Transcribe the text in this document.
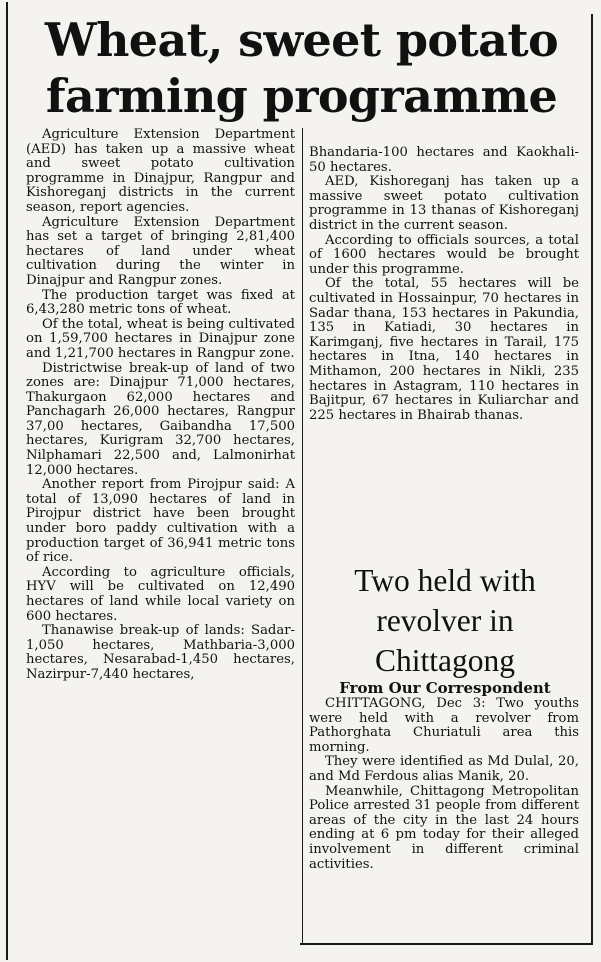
Wheat, sweet potato farming programme

Agriculture Extension Department (AED) has taken up a massive wheat and sweet potato cultivation programme in Dinajpur, Rangpur and Kishoreganj districts in the current season, report agencies.

Agriculture Extension Department has set a target of bringing 2,81,400 hectares of land under wheat cultivation during the winter in Dinajpur and Rangpur zones.

The production target was fixed at 6,43,280 metric tons of wheat.

Of the total, wheat is being cultivated on 1,59,700 hectares in Dinajpur zone and 1,21,700 hectares in Rangpur zone.

Districtwise break-up of land of two zones are: Dinajpur 71,000 hectares, Thakurgaon 62,000 hectares and Panchagarh 26,000 hectares, Rangpur 37,00 hectares, Gaibandha 17,500 hectares, Kurigram 32,700 hectares, Nilphamari 22,500 and, Lalmonirhat 12,000 hectares.

Another report from Pirojpur said: A total of 13,090 hectares of land in Pirojpur district have been brought under boro paddy cultivation with a production target of 36,941 metric tons of rice.

According to agriculture officials, HYV will be cultivated on 12,490 hectares of land while local variety on 600 hectares.

Thanawise break-up of lands: Sadar-1,050 hectares, Mathbaria-3,000 hectares, Nesarabad-1,450 hectares, Nazirpur-7,440 hectares,

Bhandaria-100 hectares and Kaokhali-50 hectares.

AED, Kishoreganj has taken up a massive sweet potato cultivation programme in 13 thanas of Kishoreganj district in the current season.

According to officials sources, a total of 1600 hectares would be brought under this programme.

Of the total, 55 hectares will be cultivated in Hossainpur, 70 hectares in Sadar thana, 153 hectares in Pakundia, 135 in Katiadi, 30 hectares in Karimganj, five hectares in Tarail, 175 hectares in Itna, 140 hectares in Mithamon, 200 hectares in Nikli, 235 hectares in Astagram, 110 hectares in Bajitpur, 67 hectares in Kuliarchar and 225 hectares in Bhairab thanas.

Two held with revolver in Chittagong
From Our Correspondent

CHITTAGONG, Dec 3: Two youths were held with a revolver from Pathorghata Churiatuli area this morning.

They were identified as Md Dulal, 20, and Md Ferdous alias Manik, 20.

Meanwhile, Chittagong Metropolitan Police arrested 31 people from different areas of the city in the last 24 hours ending at 6 pm today for their alleged involvement in different criminal activities.
